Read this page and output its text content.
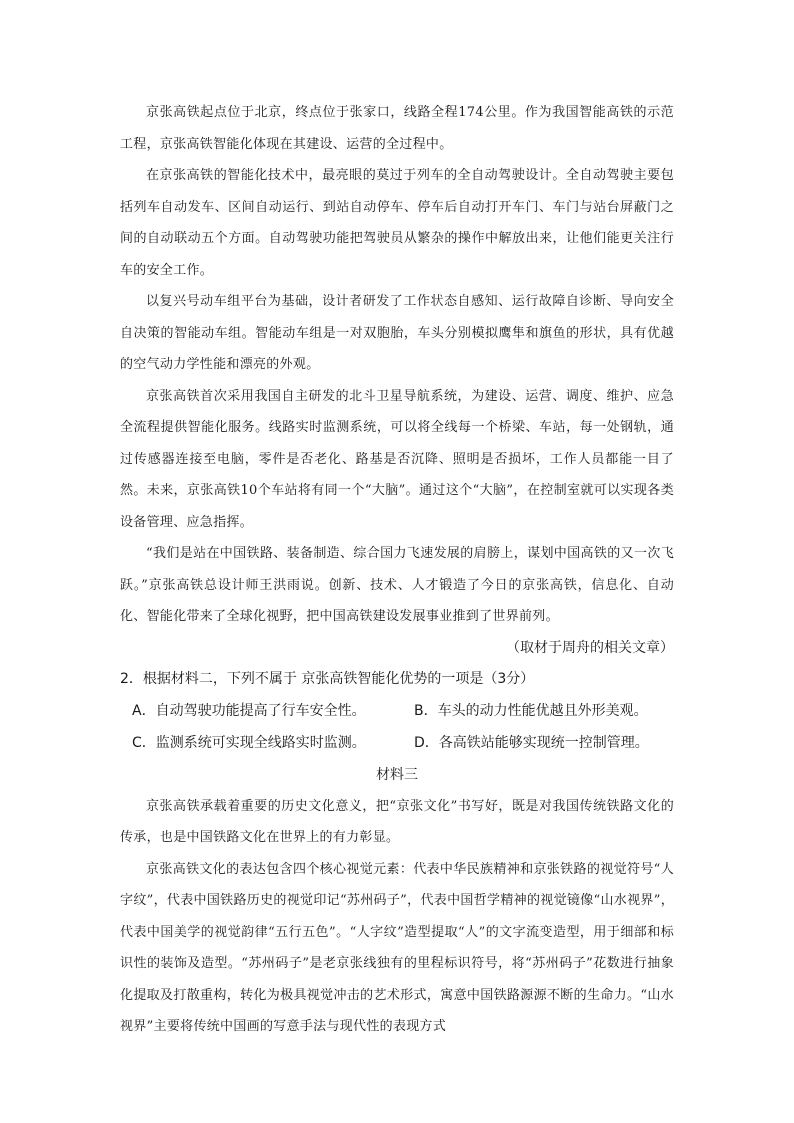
京张高铁起点位于北京，终点位于张家口，线路全程174公里。作为我国智能高铁的示范工程，京张高铁智能化体现在其建设、运营的全过程中。

在京张高铁的智能化技术中，最亮眼的莫过于列车的全自动驾驶设计。全自动驾驶主要包括列车自动发车、区间自动运行、到站自动停车、停车后自动打开车门、车门与站台屏蔽门之间的自动联动五个方面。自动驾驶功能把驾驶员从繁杂的操作中解放出来，让他们能更关注行车的安全工作。

以复兴号动车组平台为基础，设计者研发了工作状态自感知、运行故障自诊断、导向安全自决策的智能动车组。智能动车组是一对双胞胎，车头分别模拟鹰隼和旗鱼的形状，具有优越的空气动力学性能和漂亮的外观。

京张高铁首次采用我国自主研发的北斗卫星导航系统，为建设、运营、调度、维护、应急全流程提供智能化服务。线路实时监测系统，可以将全线每一个桥梁、车站，每一处钢轨，通过传感器连接至电脑，零件是否老化、路基是否沉降、照明是否损坏，工作人员都能一目了然。未来，京张高铁10个车站将有同一个“大脑”。通过这个“大脑”，在控制室就可以实现各类设备管理、应急指挥。

“我们是站在中国铁路、装备制造、综合国力飞速发展的肩膀上，谋划中国高铁的又一次飞跃。”京张高铁总设计师王洪雨说。创新、技术、人才锻造了今日的京张高铁，信息化、自动化、智能化带来了全球化视野，把中国高铁建设发展事业推到了世界前列。

（取材于周舟的相关文章）

2．根据材料二，下列不属于 京张高铁智能化优势的一项是（3分）

A．自动驾驶功能提高了行车安全性。	B．车头的动力性能优越且外形美观。
C．监测系统可实现全线路实时监测。	D．各高铁站能够实现统一控制管理。

材料三

京张高铁承载着重要的历史文化意义，把“京张文化”书写好，既是对我国传统铁路文化的传承，也是中国铁路文化在世界上的有力彰显。

京张高铁文化的表达包含四个核心视觉元素：代表中华民族精神和京张铁路的视觉符号“人字纹”，代表中国铁路历史的视觉印记“苏州码子”，代表中国哲学精神的视觉镜像“山水视界”，代表中国美学的视觉韵律“五行五色”。“人字纹”造型提取“人”的文字流变造型，用于细部和标识性的装饰及造型。“苏州码子”是老京张线独有的里程标识符号，将“苏州码子”花数进行抽象化提取及打散重构，转化为极具视觉冲击的艺术形式，寓意中国铁路源源不断的生命力。“山水视界”主要将传统中国画的写意手法与现代性的表现方式
